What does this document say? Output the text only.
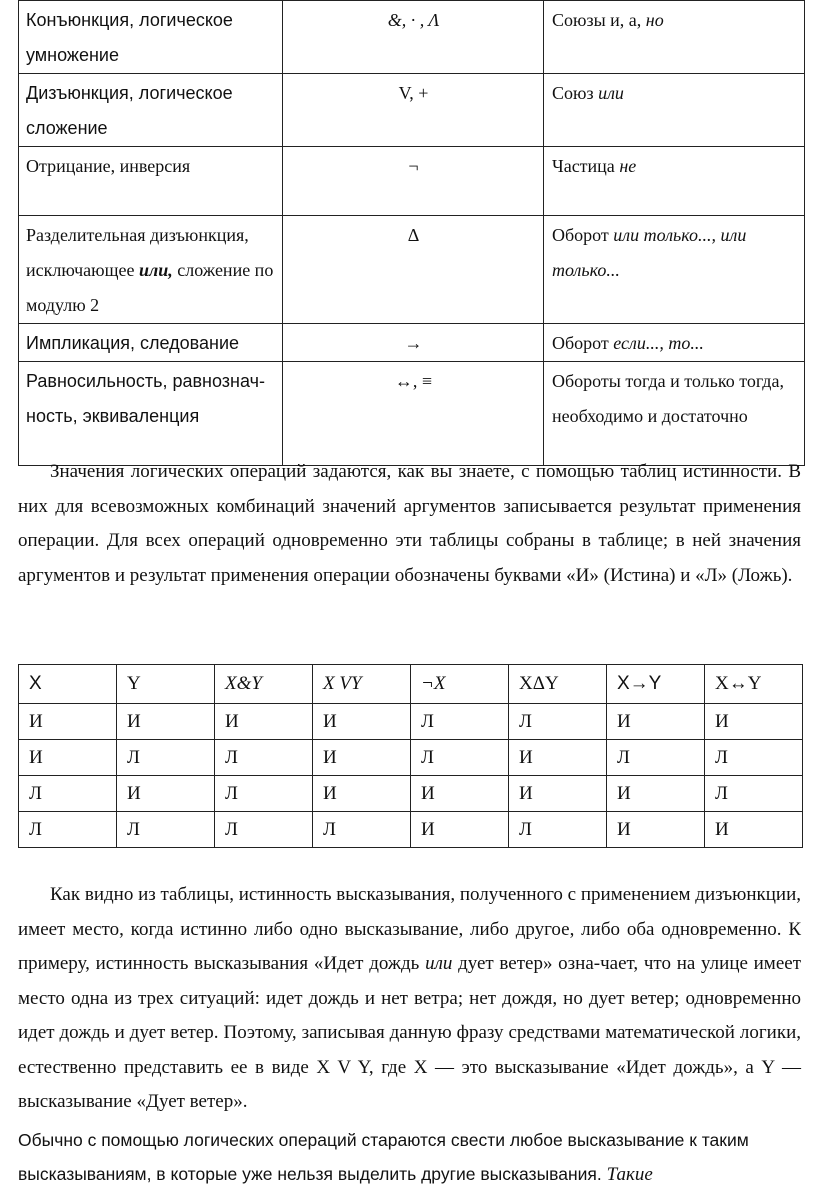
Конъюнкция, логическое умножение	&, · , Λ	Союзы и, а, но
Дизъюнкция, логическое сложение	V, +	Союз или
Отрицание, инверсия	¬	Частица не
Разделительная дизъюнкция, исключающее или, сложение по модулю 2	Δ	Оборот или только..., или только...
Импликация, следование	→	Оборот если..., то...
Равносильность, равнознач-ность, эквиваленция	↔, ≡	Обороты тогда и только тогда, необходимо и достаточно

Значения логических операций задаются, как вы знаете, с помощью таблиц истинности. В них для всевозможных комбинаций значений аргументов записывается результат применения операции. Для всех операций одновременно эти таблицы собраны в таблице; в ней значения аргументов и результат применения операции обозначены буквами «И» (Истина) и «Л» (Ложь).

X	Y	X&Y	X VY	¬X	XΔY	X→Y	X↔Y
И	И	И	И	Л	Л	И	И
И	Л	Л	И	Л	И	Л	Л
Л	И	Л	И	И	И	И	Л
Л	Л	Л	Л	И	Л	И	И

Как видно из таблицы, истинность высказывания, полученного с применением дизъюнкции, имеет место, когда истинно либо одно высказывание, либо другое, либо оба одновременно. К примеру, истинность высказывания «Идет дождь или дует ветер» озна-чает, что на улице имеет место одна из трех ситуаций: идет дождь и нет ветра; нет дождя, но дует ветер; одновременно идет дождь и дует ветер. Поэтому, записывая данную фразу средствами математической логики, естественно представить ее в виде X V Y, где X — это высказывание «Идет дождь», а Y — высказывание «Дует ветер».

Обычно с помощью логических операций стараются свести любое высказывание к таким высказываниям, в которые уже нельзя выделить другие высказывания. Такие
